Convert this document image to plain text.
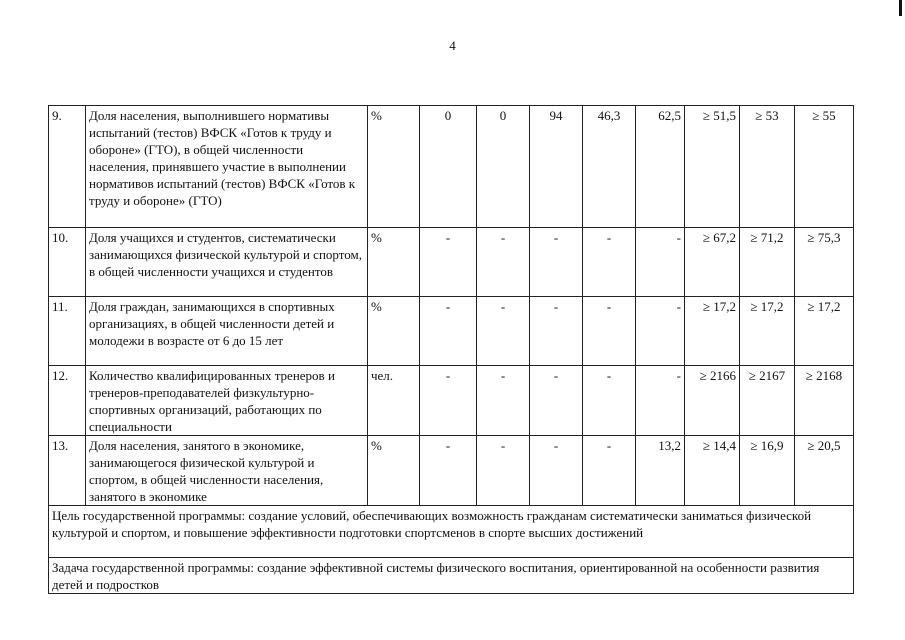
4
9.	Доля населения, выполнившего нормативы испытаний (тестов) ВФСК «Готов к труду и обороне» (ГТО), в общей численности населения, принявшего участие в выполнении нормативов испытаний (тестов) ВФСК «Готов к труду и обороне» (ГТО)	%	0	0	94	46,3	62,5	≥ 51,5	≥ 53	≥ 55
10.	Доля учащихся и студентов, систематически занимающихся физической культурой и спортом, в общей численности учащихся и студентов	%	-	-	-	-	-	≥ 67,2	≥ 71,2	≥ 75,3
11.	Доля граждан, занимающихся в спортивных организациях, в общей численности детей и молодежи в возрасте от 6 до 15 лет	%	-	-	-	-	-	≥ 17,2	≥ 17,2	≥ 17,2
12.	Количество квалифицированных тренеров и тренеров-преподавателей физкультурно-спортивных организаций, работающих по специальности	чел.	-	-	-	-	-	≥ 2166	≥ 2167	≥ 2168
13.	Доля населения, занятого в экономике, занимающегося физической культурой и спортом, в общей численности населения, занятого в экономике	%	-	-	-	-	13,2	≥ 14,4	≥ 16,9	≥ 20,5
Цель государственной программы: создание условий, обеспечивающих возможность гражданам систематически заниматься физической культурой и спортом, и повышение эффективности подготовки спортсменов в спорте высших достижений										
Задача государственной программы: создание эффективной системы физического воспитания, ориентированной на особенности развития детей и подростков										
